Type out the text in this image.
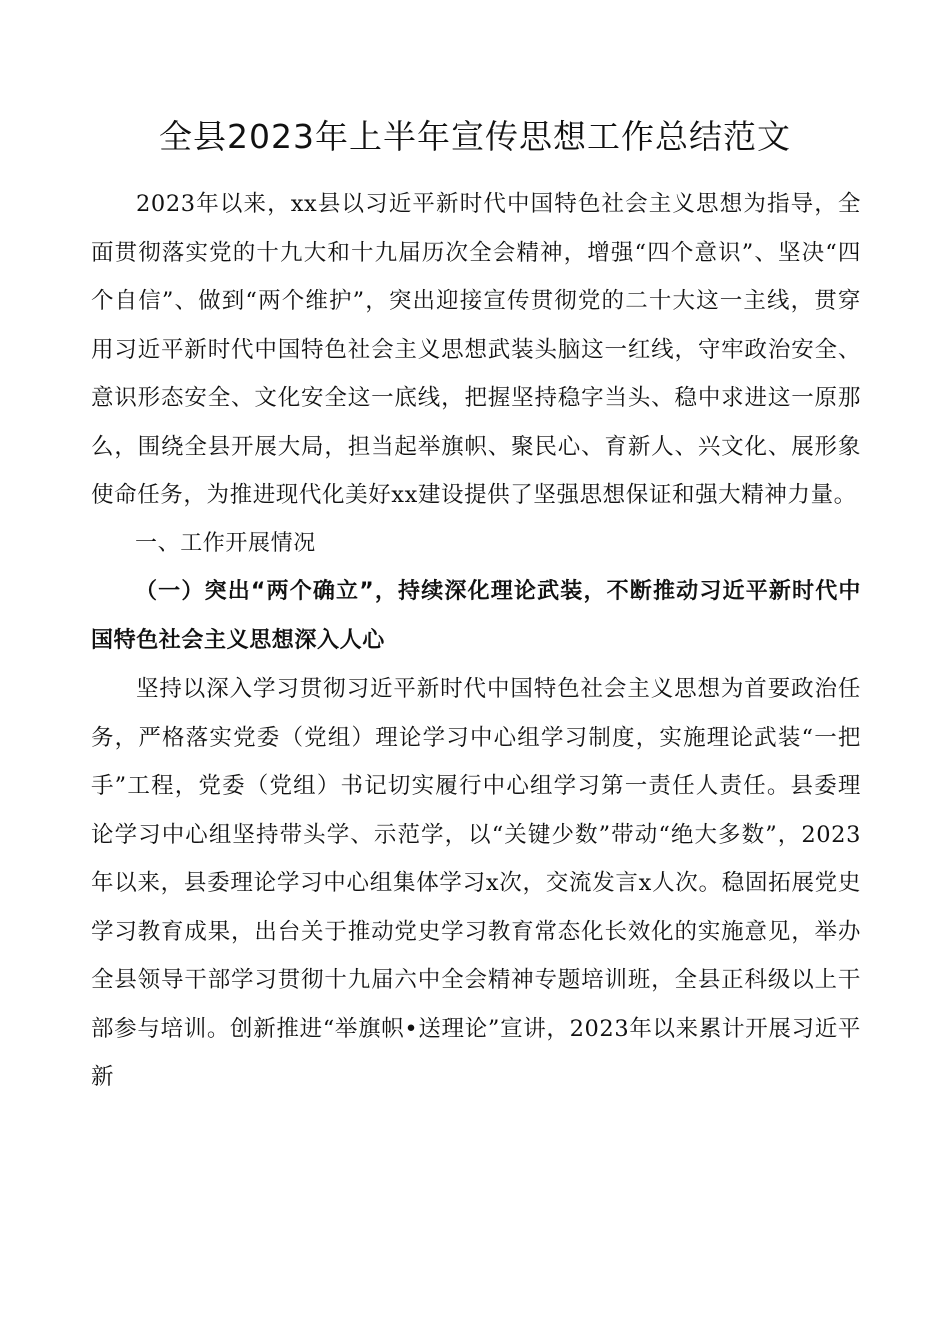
全县2023年上半年宣传思想工作总结范文

2023年以来，xx县以习近平新时代中国特色社会主义思想为指导，全面贯彻落实党的十九大和十九届历次全会精神，增强“四个意识”、坚决“四个自信”、做到“两个维护”，突出迎接宣传贯彻党的二十大这一主线，贯穿用习近平新时代中国特色社会主义思想武装头脑这一红线，守牢政治安全、意识形态安全、文化安全这一底线，把握坚持稳字当头、稳中求进这一原那么，围绕全县开展大局，担当起举旗帜、聚民心、育新人、兴文化、展形象使命任务，为推进现代化美好xx建设提供了坚强思想保证和强大精神力量。

一、工作开展情况

（一）突出“两个确立”，持续深化理论武装，不断推动习近平新时代中国特色社会主义思想深入人心

坚持以深入学习贯彻习近平新时代中国特色社会主义思想为首要政治任务，严格落实党委（党组）理论学习中心组学习制度，实施理论武装“一把手”工程，党委（党组）书记切实履行中心组学习第一责任人责任。县委理论学习中心组坚持带头学、示范学，以“关键少数”带动“绝大多数”，2023年以来，县委理论学习中心组集体学习x次，交流发言x人次。稳固拓展党史学习教育成果，出台关于推动党史学习教育常态化长效化的实施意见，举办全县领导干部学习贯彻十九届六中全会精神专题培训班，全县正科级以上干部参与培训。创新推进“举旗帜•送理论”宣讲，2023年以来累计开展习近平新
